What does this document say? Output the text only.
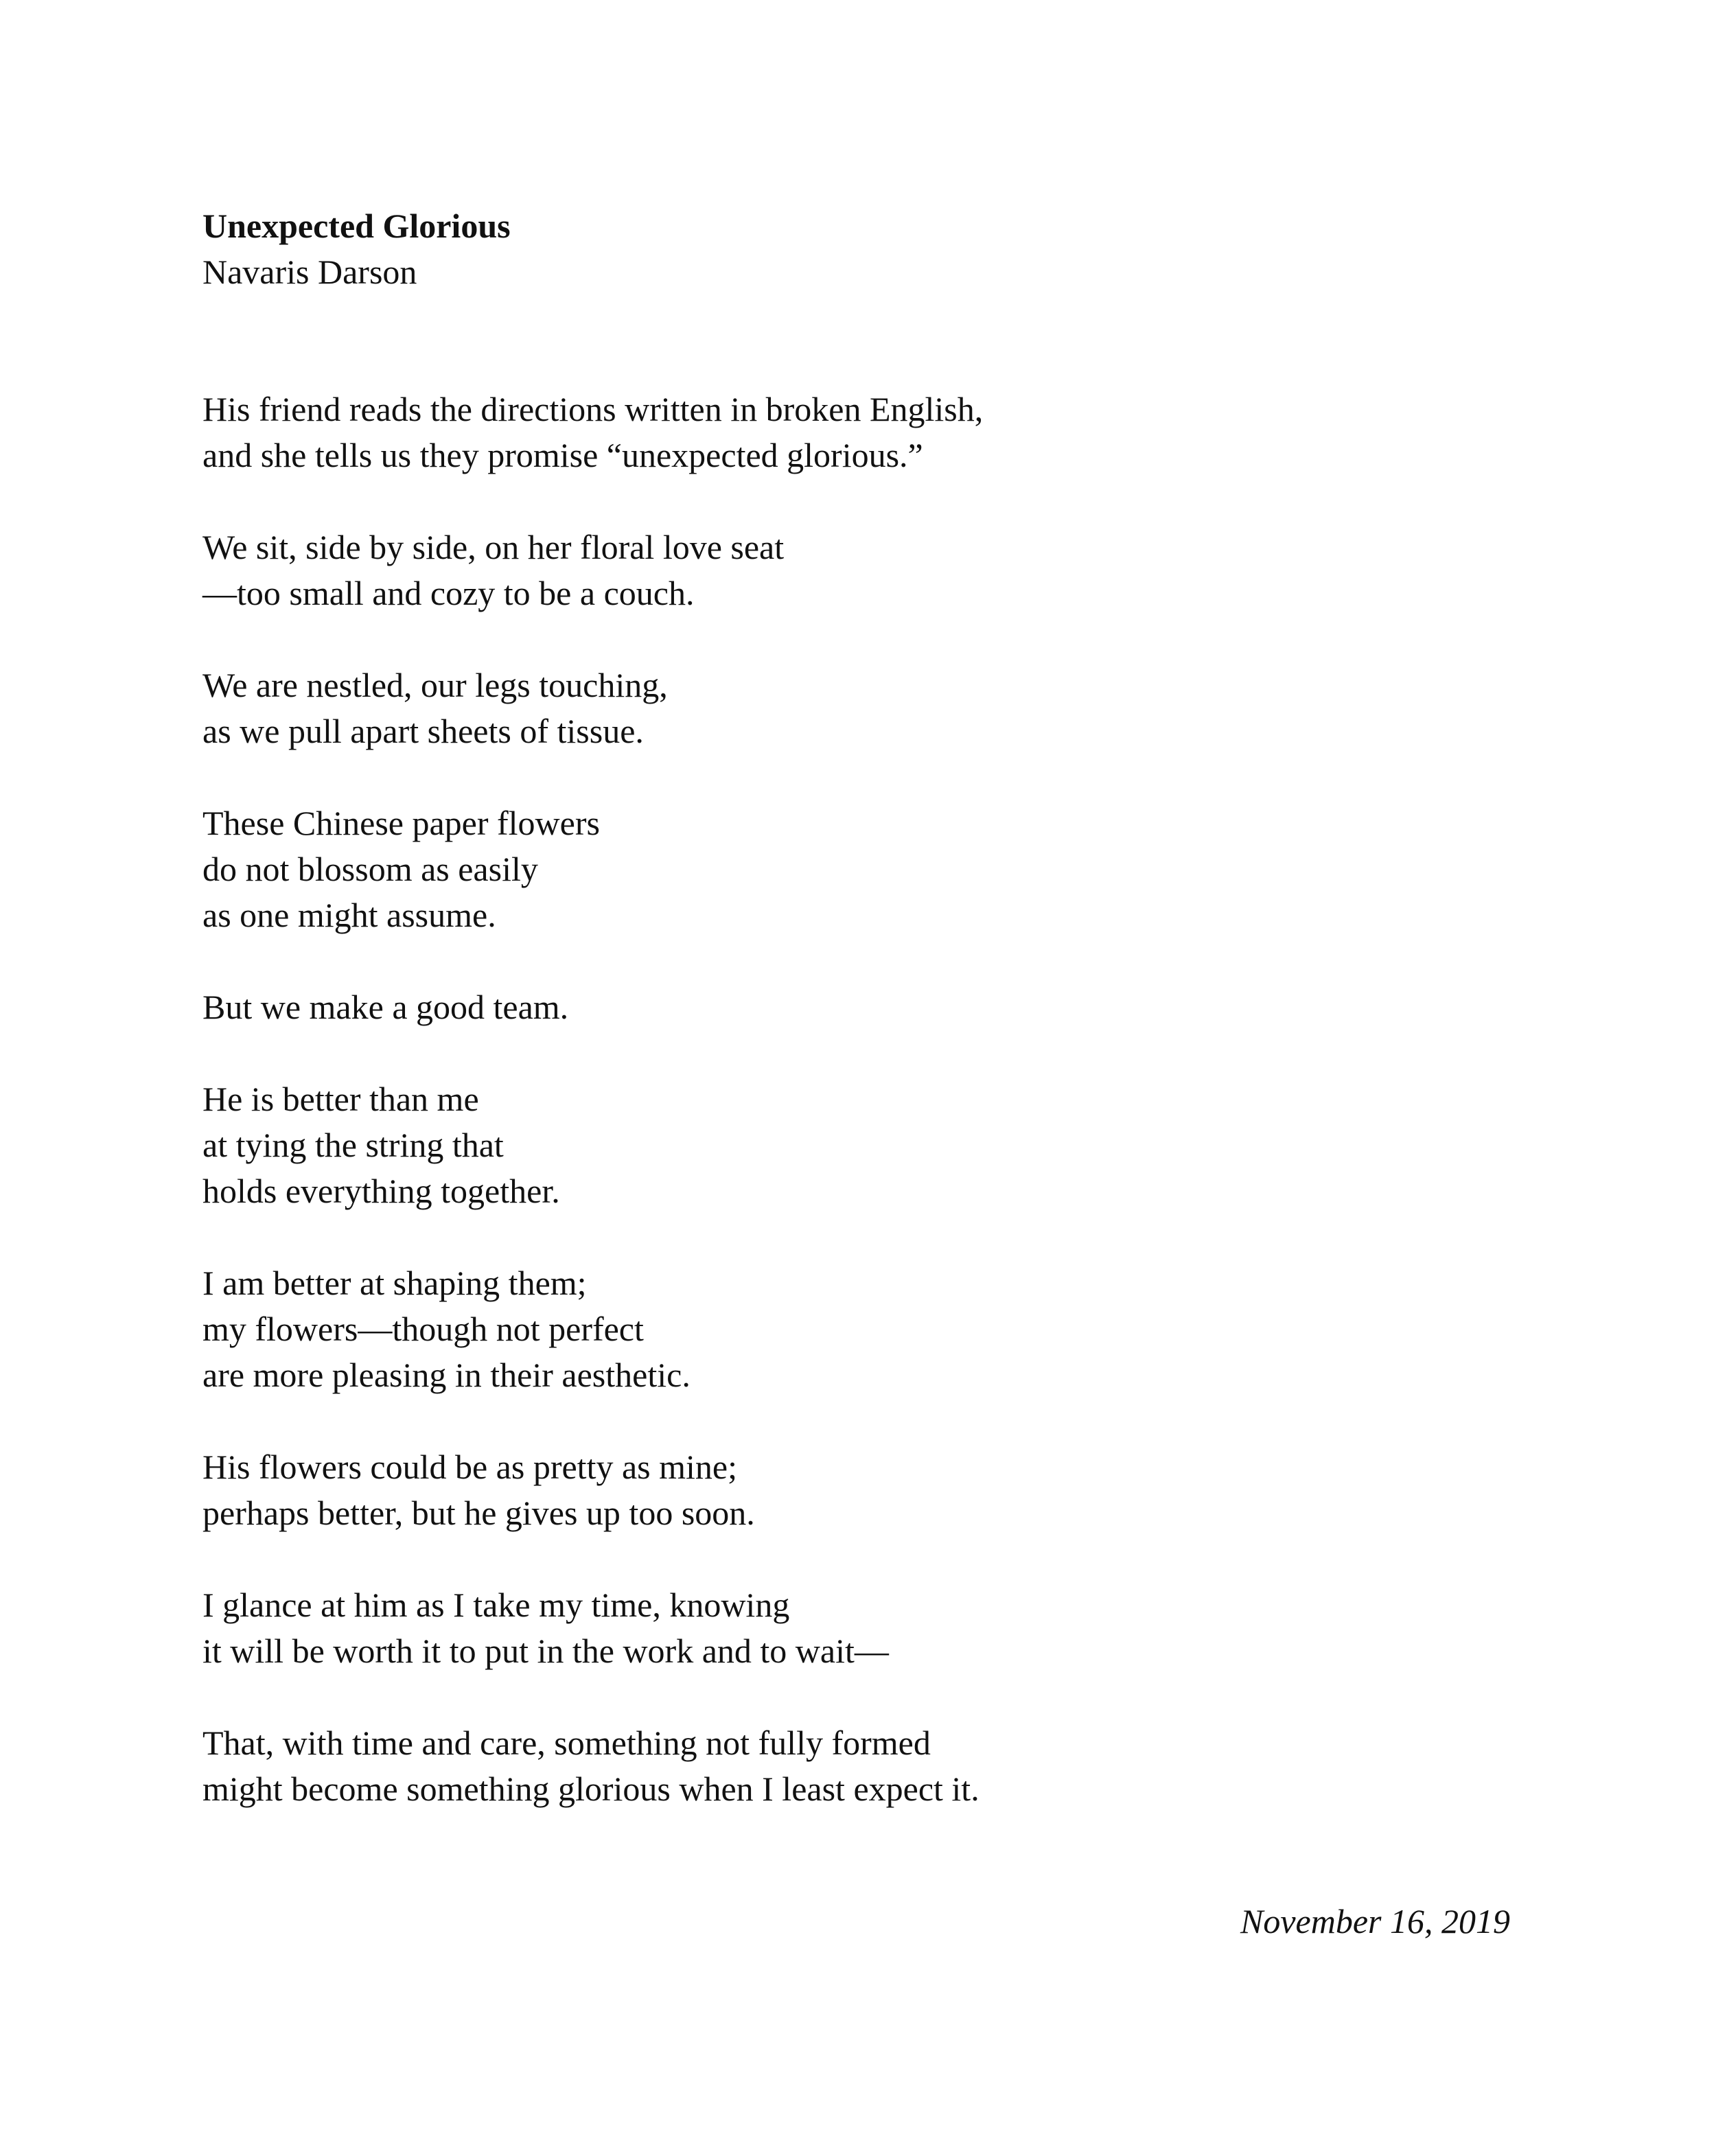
Unexpected Glorious

Navaris Darson

His friend reads the directions written in broken English,
and she tells us they promise “unexpected glorious.”
We sit, side by side, on her floral love seat
—too small and cozy to be a couch.
We are nestled, our legs touching,
as we pull apart sheets of tissue.
These Chinese paper flowers
do not blossom as easily
as one might assume.
But we make a good team.
He is better than me
at tying the string that
holds everything together.
I am better at shaping them;
my flowers—though not perfect
are more pleasing in their aesthetic.
His flowers could be as pretty as mine;
perhaps better, but he gives up too soon.
I glance at him as I take my time, knowing
it will be worth it to put in the work and to wait—
That, with time and care, something not fully formed
might become something glorious when I least expect it.

November 16, 2019
